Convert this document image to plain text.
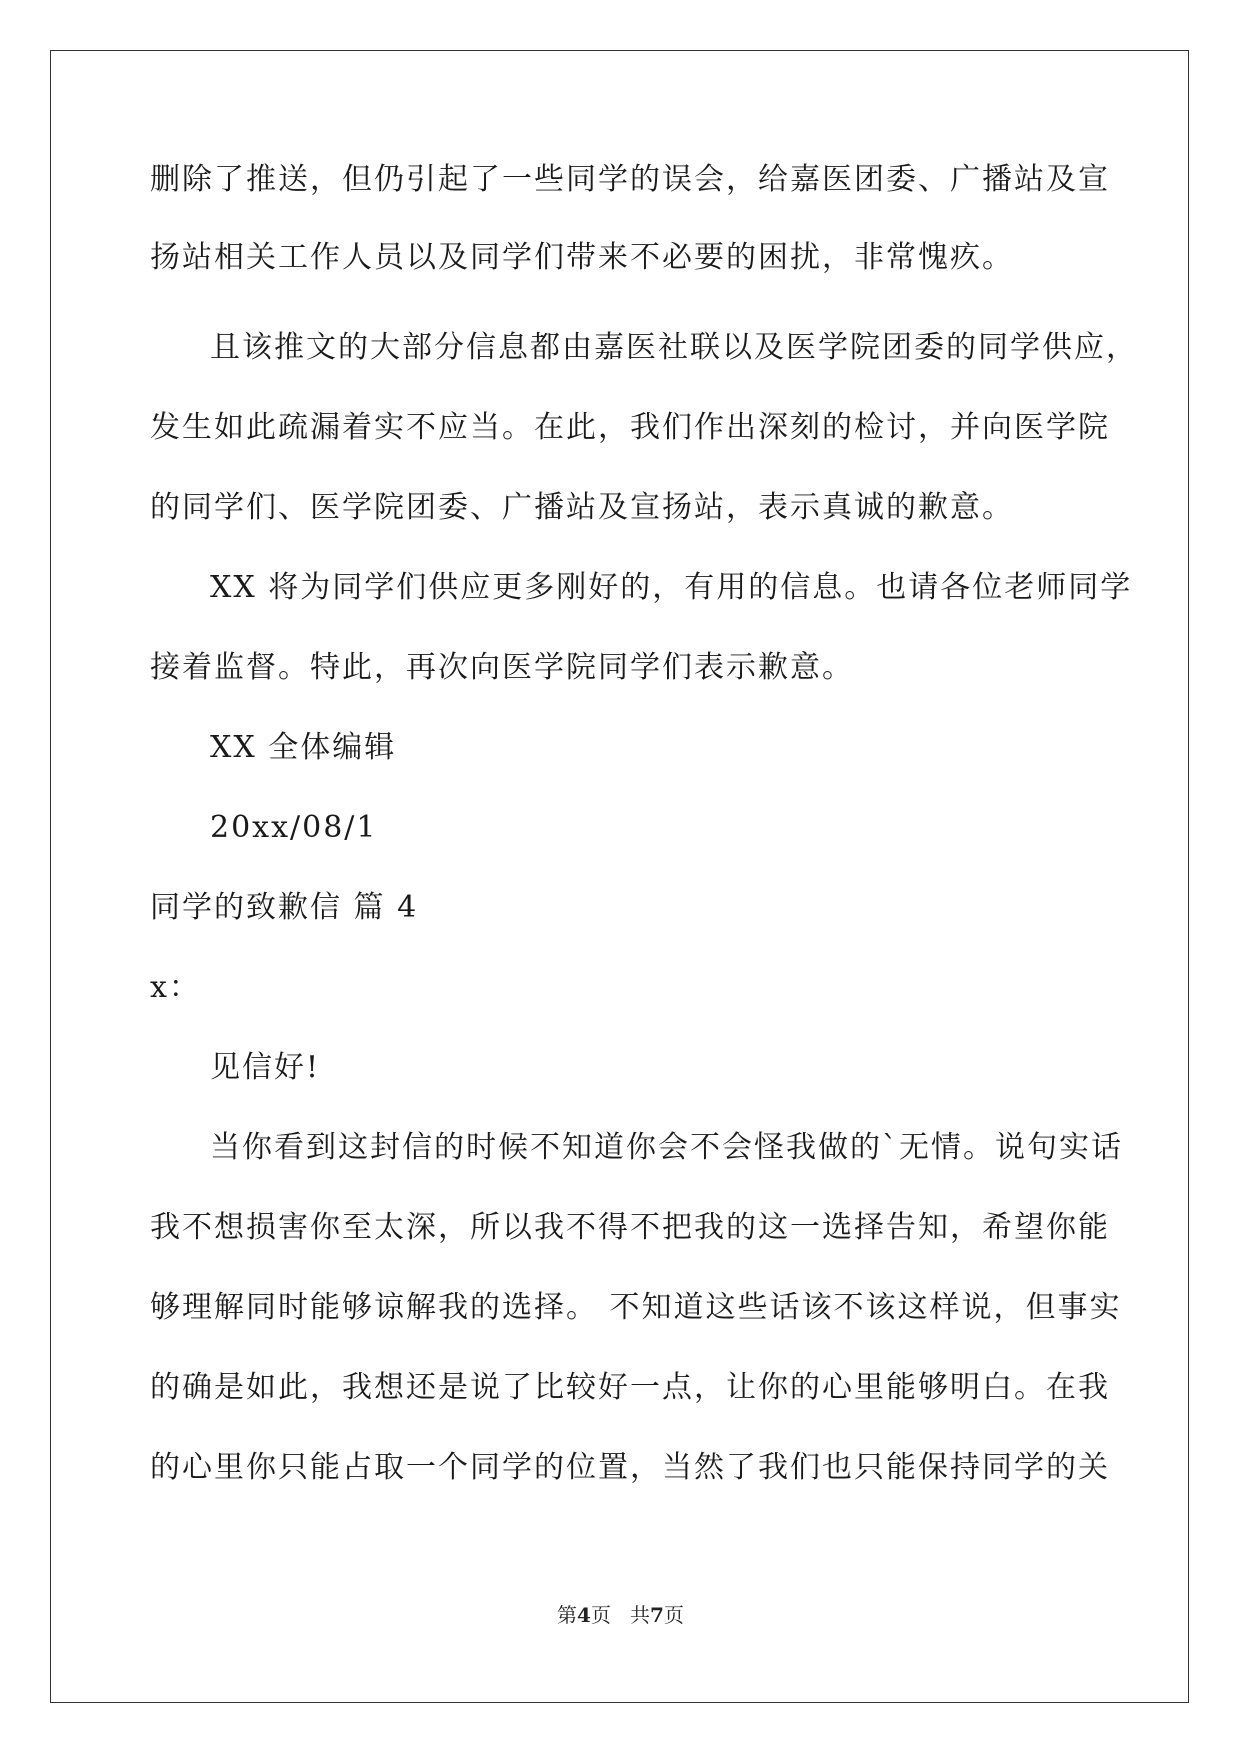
删除了推送，但仍引起了一些同学的误会，给嘉医团委、广播站及宣
扬站相关工作人员以及同学们带来不必要的困扰，非常愧疚。
且该推文的大部分信息都由嘉医社联以及医学院团委的同学供应，
发生如此疏漏着实不应当。在此，我们作出深刻的检讨，并向医学院
的同学们、医学院团委、广播站及宣扬站，表示真诚的歉意。
XX 将为同学们供应更多刚好的，有用的信息。也请各位老师同学
接着监督。特此，再次向医学院同学们表示歉意。
XX 全体编辑
20xx/08/1
同学的致歉信 篇 4
x：
见信好!
当你看到这封信的时候不知道你会不会怪我做的`无情。说句实话
我不想损害你至太深，所以我不得不把我的这一选择告知，希望你能
够理解同时能够谅解我的选择。 不知道这些话该不该这样说，但事实
的确是如此，我想还是说了比较好一点，让你的心里能够明白。在我
的心里你只能占取一个同学的位置，当然了我们也只能保持同学的关
第4页 共7页
